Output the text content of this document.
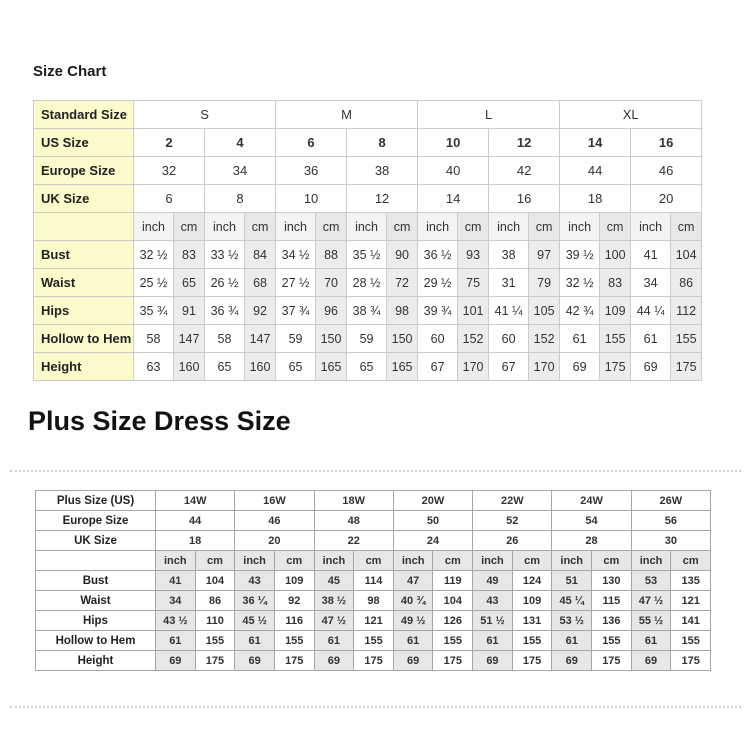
Size Chart
Standard Size	S				M				L				XL			
US Size	2		4		6		8		10		12		14		16	
Europe Size	32		34		36		38		40		42		44		46	
UK Size	6		8		10		12		14		16		18		20	
	inch	cm	inch	cm	inch	cm	inch	cm	inch	cm	inch	cm	inch	cm	inch	cm
Bust	32 ½	83	33 ½	84	34 ½	88	35 ½	90	36 ½	93	38	97	39 ½	100	41	104
Waist	25 ½	65	26 ½	68	27 ½	70	28 ½	72	29 ½	75	31	79	32 ½	83	34	86
Hips	35 ¾	91	36 ¾	92	37 ¾	96	38 ¾	98	39 ¾	101	41 ¼	105	42 ¾	109	44 ¼	112
Hollow to Hem	58	147	58	147	59	150	59	150	60	152	60	152	61	155	61	155
Height	63	160	65	160	65	165	65	165	67	170	67	170	69	175	69	175
Plus Size Dress Size
Plus Size (US)	14W		16W		18W		20W		22W		24W		26W	
Europe Size	44		46		48		50		52		54		56	
UK Size	18		20		22		24		26		28		30	
	inch	cm	inch	cm	inch	cm	inch	cm	inch	cm	inch	cm	inch	cm
Bust	41	104	43	109	45	114	47	119	49	124	51	130	53	135
Waist	34	86	36 ¼	92	38 ½	98	40 ¾	104	43	109	45 ¼	115	47 ½	121
Hips	43 ½	110	45 ½	116	47 ½	121	49 ½	126	51 ½	131	53 ½	136	55 ½	141
Hollow to Hem	61	155	61	155	61	155	61	155	61	155	61	155	61	155
Height	69	175	69	175	69	175	69	175	69	175	69	175	69	175
